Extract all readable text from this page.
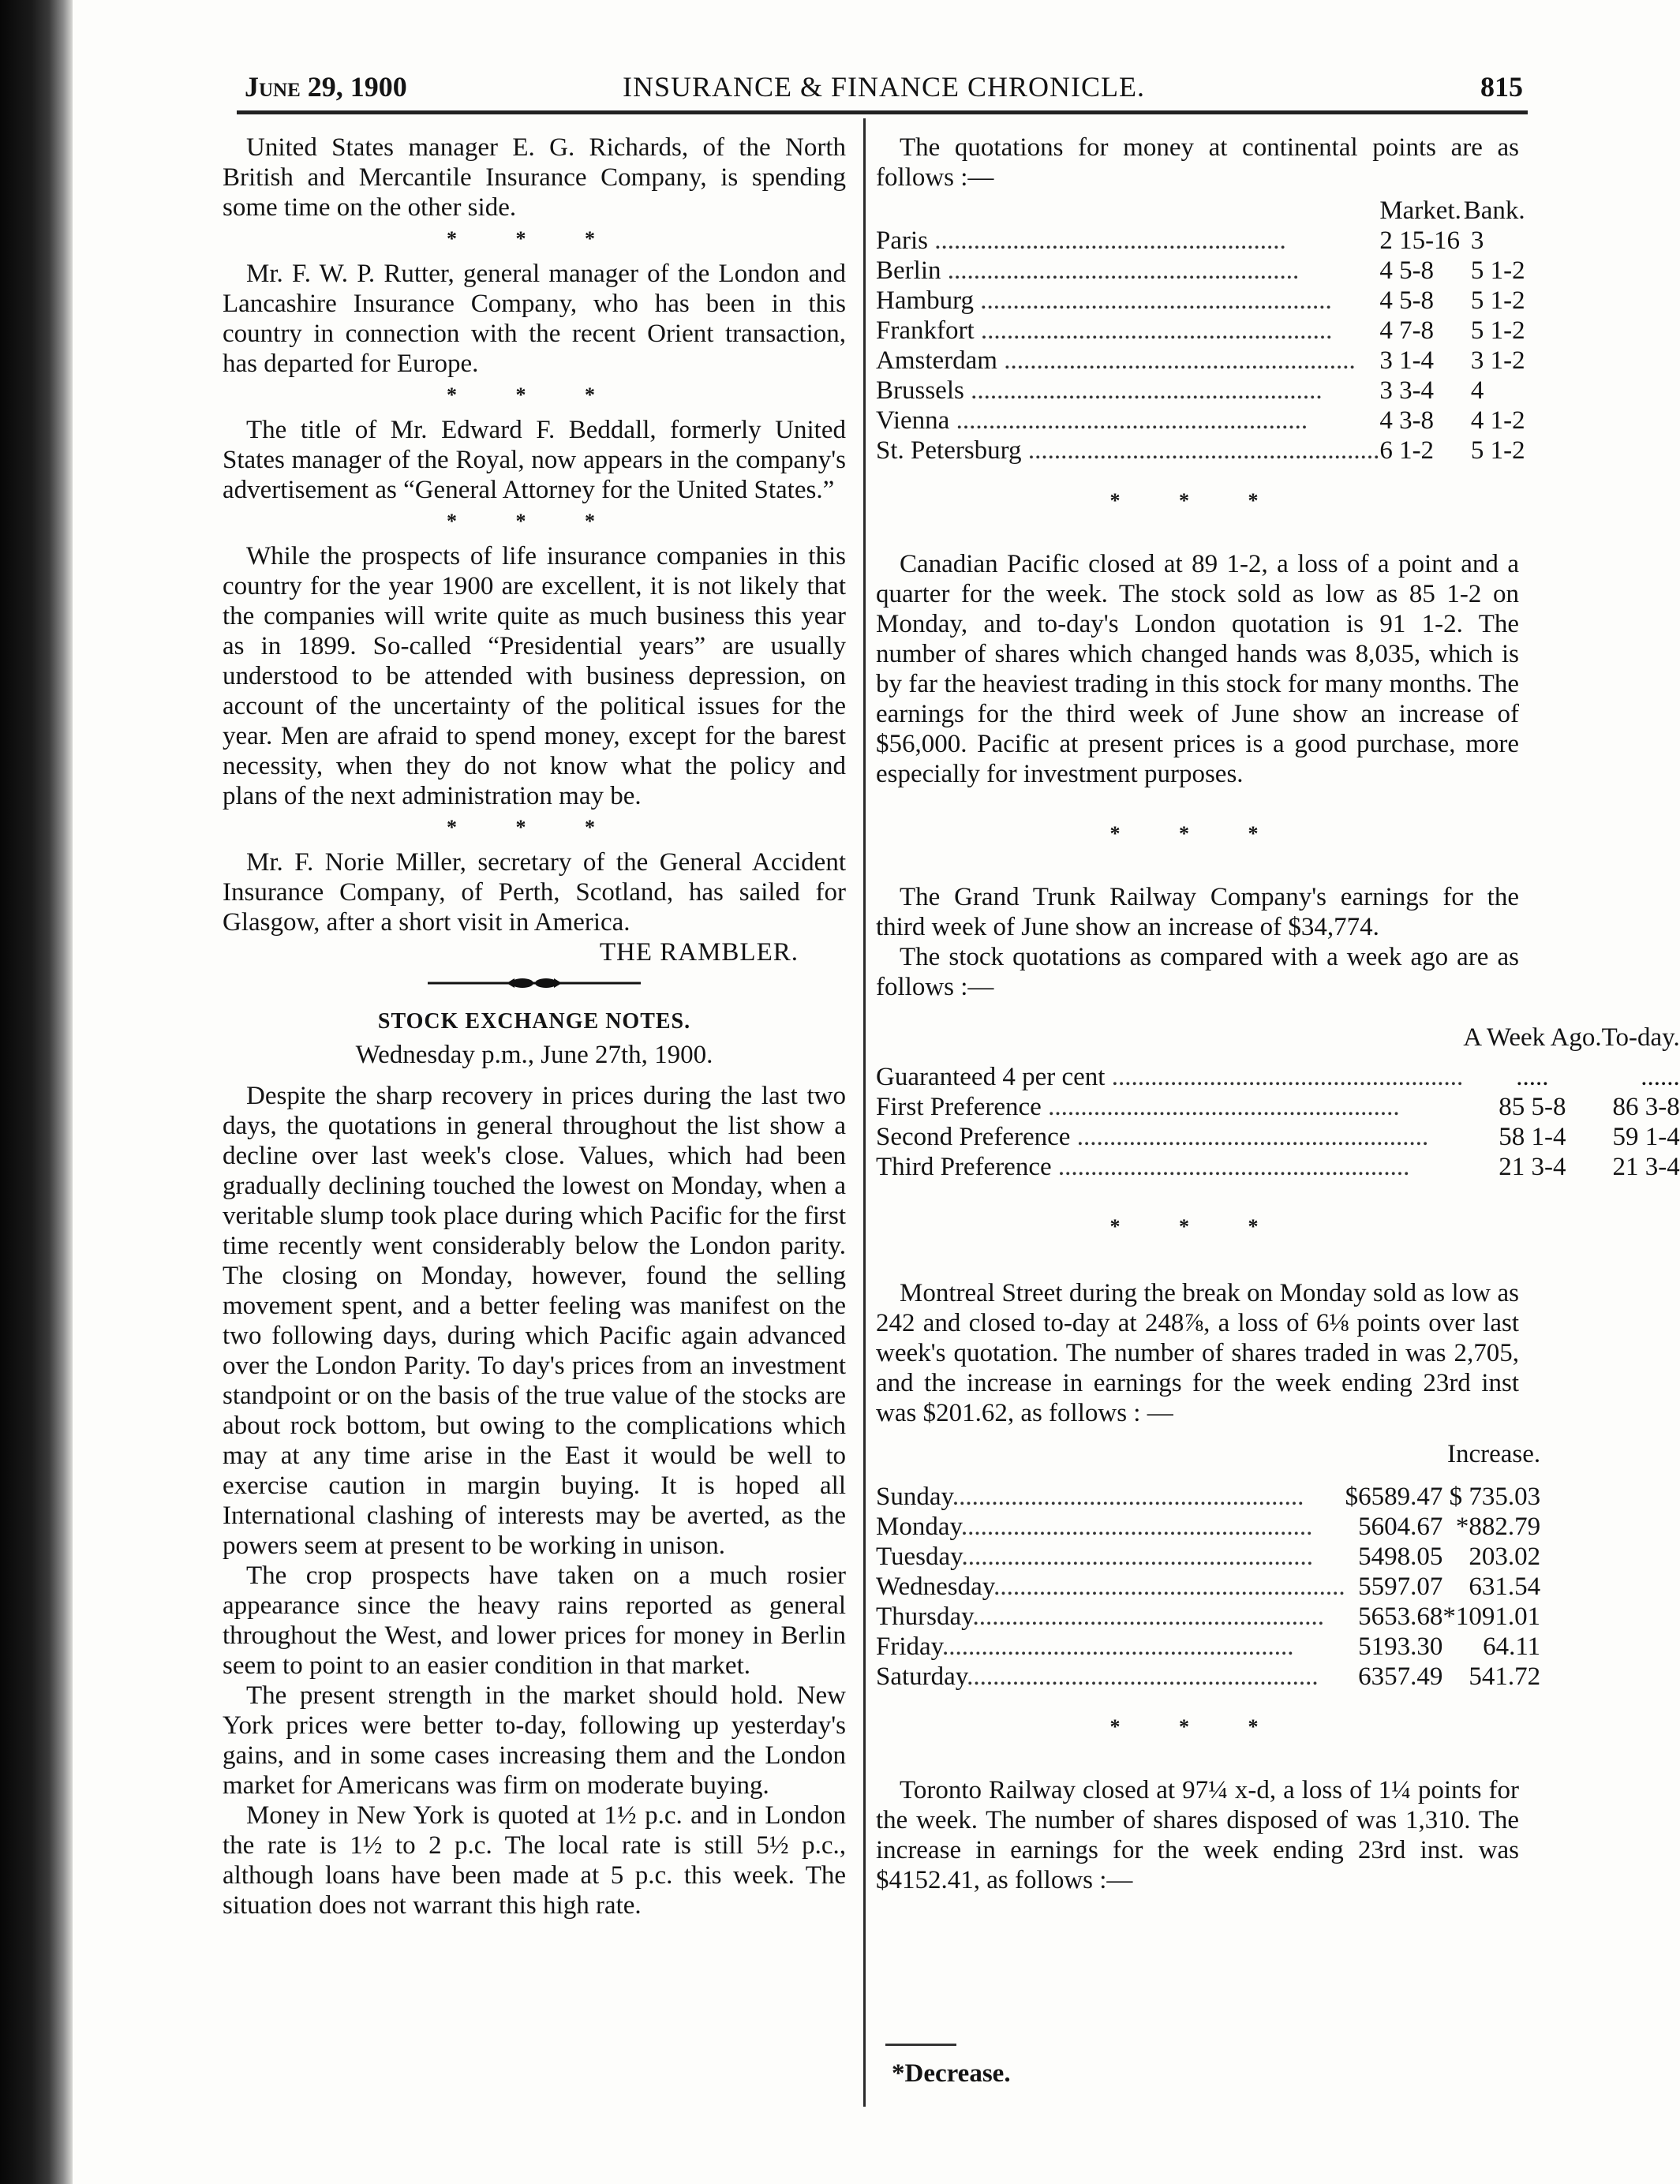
June 29, 1900	INSURANCE & FINANCE CHRONICLE.	815

United States manager E. G. Richards, of the North British and Mercantile Insurance Company, is spending some time on the other side.

* * *

Mr. F. W. P. Rutter, general manager of the London and Lancashire Insurance Company, who has been in this country in connection with the recent Orient transaction, has departed for Europe.

* * *

The title of Mr. Edward F. Beddall, formerly United States manager of the Royal, now appears in the company's advertisement as “General Attorney for the United States.”

* * *

While the prospects of life insurance companies in this country for the year 1900 are excellent, it is not likely that the companies will write quite as much business this year as in 1899. So-called “Presidential years” are usually understood to be attended with business depression, on account of the uncertainty of the political issues for the year. Men are afraid to spend money, except for the barest necessity, when they do not know what the policy and plans of the next administration may be.

* * *

Mr. F. Norie Miller, secretary of the General Accident Insurance Company, of Perth, Scotland, has sailed for Glasgow, after a short visit in America.

THE RAMBLER.

STOCK EXCHANGE NOTES.

Wednesday p.m., June 27th, 1900.

Despite the sharp recovery in prices during the last two days, the quotations in general throughout the list show a decline over last week's close. Values, which had been gradually declining touched the lowest on Monday, when a veritable slump took place during which Pacific for the first time recently went considerably below the London parity. The closing on Monday, however, found the selling movement spent, and a better feeling was manifest on the two following days, during which Pacific again advanced over the London Parity. To day's prices from an investment standpoint or on the basis of the true value of the stocks are about rock bottom, but owing to the complications which may at any time arise in the East it would be well to exercise caution in margin buying. It is hoped all International clashing of interests may be averted, as the powers seem at present to be working in unison.

The crop prospects have taken on a much rosier appearance since the heavy rains reported as general throughout the West, and lower prices for money in Berlin seem to point to an easier condition in that market.

The present strength in the market should hold. New York prices were better to-day, following up yesterday's gains, and in some cases increasing them and the London market for Americans was firm on moderate buying.

Money in New York is quoted at 1½ p.c. and in London the rate is 1½ to 2 p.c. The local rate is still 5½ p.c., although loans have been made at 5 p.c. this week. The situation does not warrant this high rate.

The quotations for money at continental points are as follows :—

	Market.	Bank.
Paris ......................................................	2 15-16	3
Berlin ......................................................	4 5-8	5 1-2
Hamburg ......................................................	4 5-8	5 1-2
Frankfort ......................................................	4 7-8	5 1-2
Amsterdam ......................................................	3 1-4	3 1-2
Brussels ......................................................	3 3-4	4
Vienna ......................................................	4 3-8	4 1-2
St. Petersburg ......................................................	6 1-2	5 1-2
* * *

Canadian Pacific closed at 89 1-2, a loss of a point and a quarter for the week. The stock sold as low as 85 1-2 on Monday, and to-day's London quotation is 91 1-2. The number of shares which changed hands was 8,035, which is by far the heaviest trading in this stock for many months. The earnings for the third week of June show an increase of $56,000. Pacific at present prices is a good purchase, more especially for investment purposes.

* * *

The Grand Trunk Railway Company's earnings for the third week of June show an increase of $34,774.

The stock quotations as compared with a week ago are as follows :—

	A Week Ago.	To-day.

Guaranteed 4 per cent ......................................................	.....	......
First Preference ......................................................	85 5-8	86 3-8
Second Preference ......................................................	58 1-4	59 1-4
Third Preference ......................................................	21 3-4	21 3-4
* * *

Montreal Street during the break on Monday sold as low as 242 and closed to-day at 248⅞, a loss of 6⅛ points over last week's quotation. The number of shares traded in was 2,705, and the increase in earnings for the week ending 23rd inst was $201.62, as follows : —

		Increase.

Sunday......................................................	$6589.47	$ 735.03
Monday......................................................	5604.67	*882.79
Tuesday......................................................	5498.05	203.02
Wednesday......................................................	5597.07	631.54
Thursday......................................................	5653.68	*1091.01
Friday......................................................	5193.30	64.11
Saturday......................................................	6357.49	541.72
* * *

Toronto Railway closed at 97¼ x-d, a loss of 1¼ points for the week. The number of shares disposed of was 1,310. The increase in earnings for the week ending 23rd inst. was $4152.41, as follows :—

*Decrease.
